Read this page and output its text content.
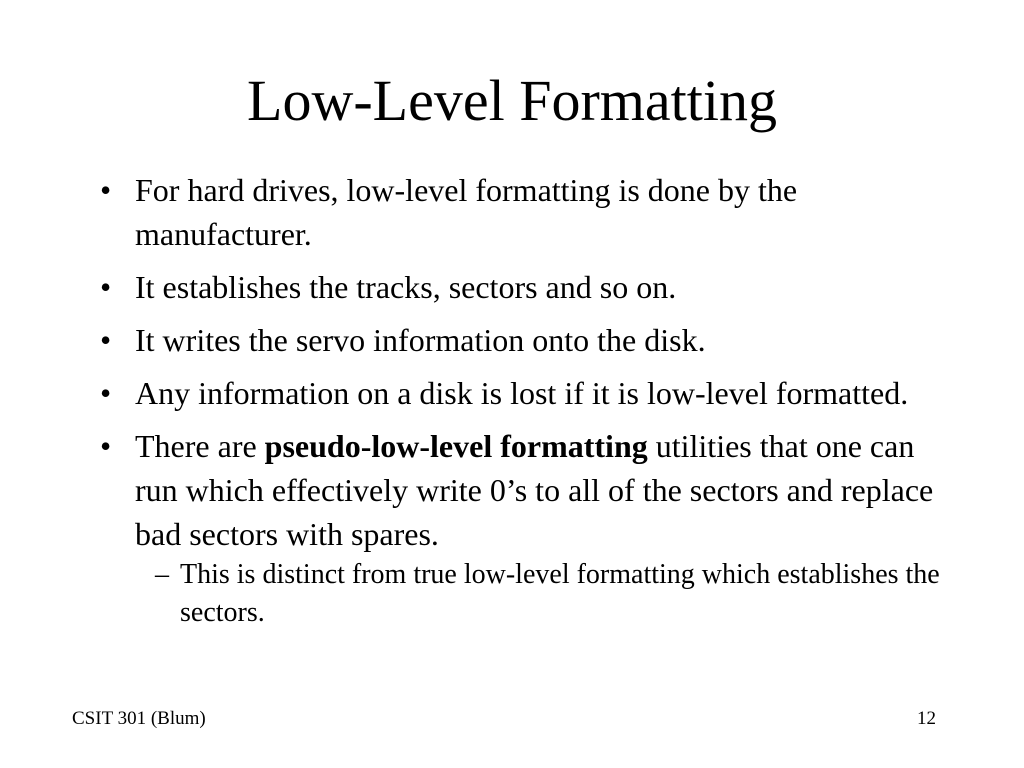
Low-Level Formatting
• For hard drives, low-level formatting is done by the manufacturer.
• It establishes the tracks, sectors and so on.
• It writes the servo information onto the disk.
• Any information on a disk is lost if it is low-level formatted.
• There are pseudo-low-level formatting utilities that one can run which effectively write 0’s to all of the sectors and replace bad sectors with spares.
– This is distinct from true low-level formatting which establishes the sectors.
CSIT 301 (Blum)	12
